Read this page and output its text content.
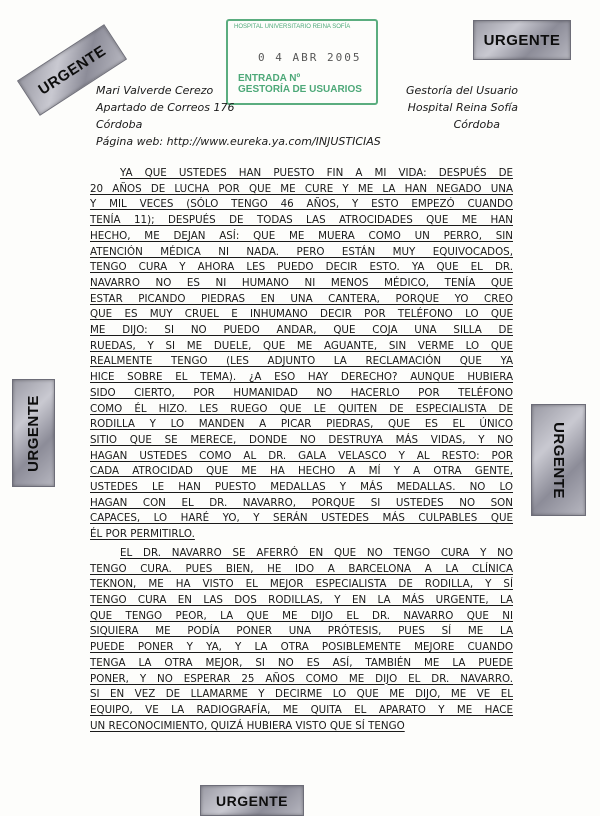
URGENTE
URGENTE
URGENTE	URGENTE
URGENTE
HOSPITAL UNIVERSITARIO REINA SOFÍA
0 4 ABR 2005
ENTRADA Nº
GESTORÍA DE USUARIOS
Mari Valverde Cerezo
Apartado de Correos 176
Córdoba
Página web: http://www.eureka.ya.com/INJUSTICIAS
Gestoría del Usuario
Hospital Reina Sofía
Córdoba
YA QUE USTEDES HAN PUESTO FIN A MI VIDA: DESPUÉS DE
20 AÑOS DE LUCHA POR QUE ME CURE Y ME LA HAN NEGADO UNA
Y MIL VECES (SÓLO TENGO 46 AÑOS, Y ESTO EMPEZÓ CUANDO
TENÍA 11); DESPUÉS DE TODAS LAS ATROCIDADES QUE ME HAN
HECHO, ME DEJAN ASÍ: QUE ME MUERA COMO UN PERRO, SIN
ATENCIÓN MÉDICA NI NADA. PERO ESTÁN MUY EQUIVOCADOS,
TENGO CURA Y AHORA LES PUEDO DECIR ESTO. YA QUE EL DR.
NAVARRO NO ES NI HUMANO NI MENOS MÉDICO, TENÍA QUE
ESTAR PICANDO PIEDRAS EN UNA CANTERA, PORQUE YO CREO
QUE ES MUY CRUEL E INHUMANO DECIR POR TELÉFONO LO QUE
ME DIJO: SI NO PUEDO ANDAR, QUE COJA UNA SILLA DE
RUEDAS, Y SI ME DUELE, QUE ME AGUANTE, SIN VERME LO QUE
REALMENTE TENGO (LES ADJUNTO LA RECLAMACIÓN QUE YA
HICE SOBRE EL TEMA). ¿A ESO HAY DERECHO? AUNQUE HUBIERA
SIDO CIERTO, POR HUMANIDAD NO HACERLO POR TELÉFONO
COMO ÉL HIZO. LES RUEGO QUE LE QUITEN DE ESPECIALISTA DE
RODILLA Y LO MANDEN A PICAR PIEDRAS, QUE ES EL ÚNICO
SITIO QUE SE MERECE, DONDE NO DESTRUYA MÁS VIDAS, Y NO
HAGAN USTEDES COMO AL DR. GALA VELASCO Y AL RESTO: POR
CADA ATROCIDAD QUE ME HA HECHO A MÍ Y A OTRA GENTE,
USTEDES LE HAN PUESTO MEDALLAS Y MÁS MEDALLAS. NO LO
HAGAN CON EL DR. NAVARRO, PORQUE SI USTEDES NO SON
CAPACES, LO HARÉ YO, Y SERÁN USTEDES MÁS CULPABLES QUE
ÉL POR PERMITIRLO.
EL DR. NAVARRO SE AFERRÓ EN QUE NO TENGO CURA Y NO
TENGO CURA. PUES BIEN, HE IDO A BARCELONA A LA CLÍNICA
TEKNON, ME HA VISTO EL MEJOR ESPECIALISTA DE RODILLA, Y SÍ
TENGO CURA EN LAS DOS RODILLAS, Y EN LA MÁS URGENTE, LA
QUE TENGO PEOR, LA QUE ME DIJO EL DR. NAVARRO QUE NI
SIQUIERA ME PODÍA PONER UNA PRÓTESIS, PUES SÍ ME LA
PUEDE PONER Y YA, Y LA OTRA POSIBLEMENTE MEJORE CUANDO
TENGA LA OTRA MEJOR, SI NO ES ASÍ, TAMBIÉN ME LA PUEDE
PONER, Y NO ESPERAR 25 AÑOS COMO ME DIJO EL DR. NAVARRO.
SI EN VEZ DE LLAMARME Y DECIRME LO QUE ME DIJO, ME VE EL
EQUIPO, VE LA RADIOGRAFÍA, ME QUITA EL APARATO Y ME HACE
UN RECONOCIMIENTO, QUIZÁ HUBIERA VISTO QUE SÍ TENGO
